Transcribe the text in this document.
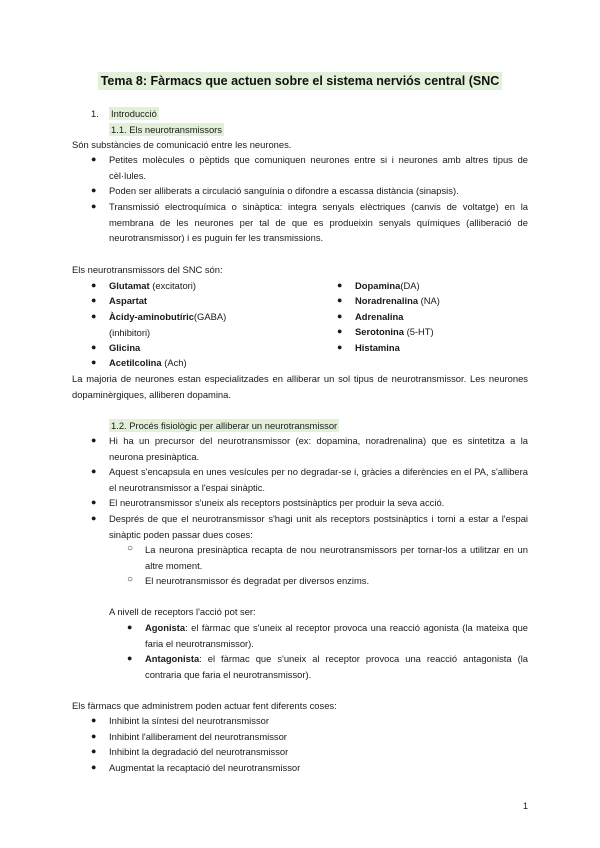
Tema 8: Fàrmacs que actuen sobre el sistema nerviós central (SNC
1. Introducció
1.1. Els neurotransmissors
Són substàncies de comunicació entre les neurones.
● Petites molècules o pèptids que comuniquen neurones entre si i neurones amb altres tipus de cèl·lules.
● Poden ser alliberats a circulació sanguínia o difondre a escassa distància (sinapsis).
● Transmissió electroquímica o sinàptica: integra senyals elèctriques (canvis de voltatge) en la membrana de les neurones per tal de que es produeixin senyals químiques (alliberació de neurotransmissor) i es puguin fer les transmissions.
Els neurotransmissors del SNC són:
● Glutamat (excitatori)
● Aspartat
● Àcidy-aminobutíric(GABA) (inhibitori)
● Glicina
● Acetilcolina (Ach)
● Dopamina(DA)
● Noradrenalina (NA)
● Adrenalina
● Serotonina (5-HT)
● Histamina
La majoria de neurones estan especialitzades en alliberar un sol tipus de neurotransmissor. Les neurones dopaminèrgiques, alliberen dopamina.
1.2. Procés fisiològic per alliberar un neurotransmissor
● Hi ha un precursor del neurotransmissor (ex: dopamina, noradrenalina) que es sintetitza a la neurona presinàptica.
● Aquest s'encapsula en unes vesícules per no degradar-se i, gràcies a diferències en el PA, s'allibera el neurotransmissor a l'espai sinàptic.
● El neurotransmissor s'uneix als receptors postsinàptics per produir la seva acció.
● Després de que el neurotransmissor s'hagi unit als receptors postsinàptics i torni a estar a l'espai sinàptic poden passar dues coses:
○ La neurona presinàptica recapta de nou neurotransmissors per tornar-los a utilitzar en un altre moment.
○ El neurotransmissor és degradat per diversos enzims.
A nivell de receptors l'acció pot ser:
● Agonista: el fàrmac que s'uneix al receptor provoca una reacció agonista (la mateixa que faria el neurotransmissor).
● Antagonista: el fàrmac que s'uneix al receptor provoca una reacció antagonista (la contraria que faria el neurotransmissor).
Els fàrmacs que administrem poden actuar fent diferents coses:
● Inhibint la síntesi del neurotransmissor
● Inhibint l'alliberament del neurotransmissor
● Inhibint la degradació del neurotransmissor
● Augmentat la recaptació del neurotransmissor
1
